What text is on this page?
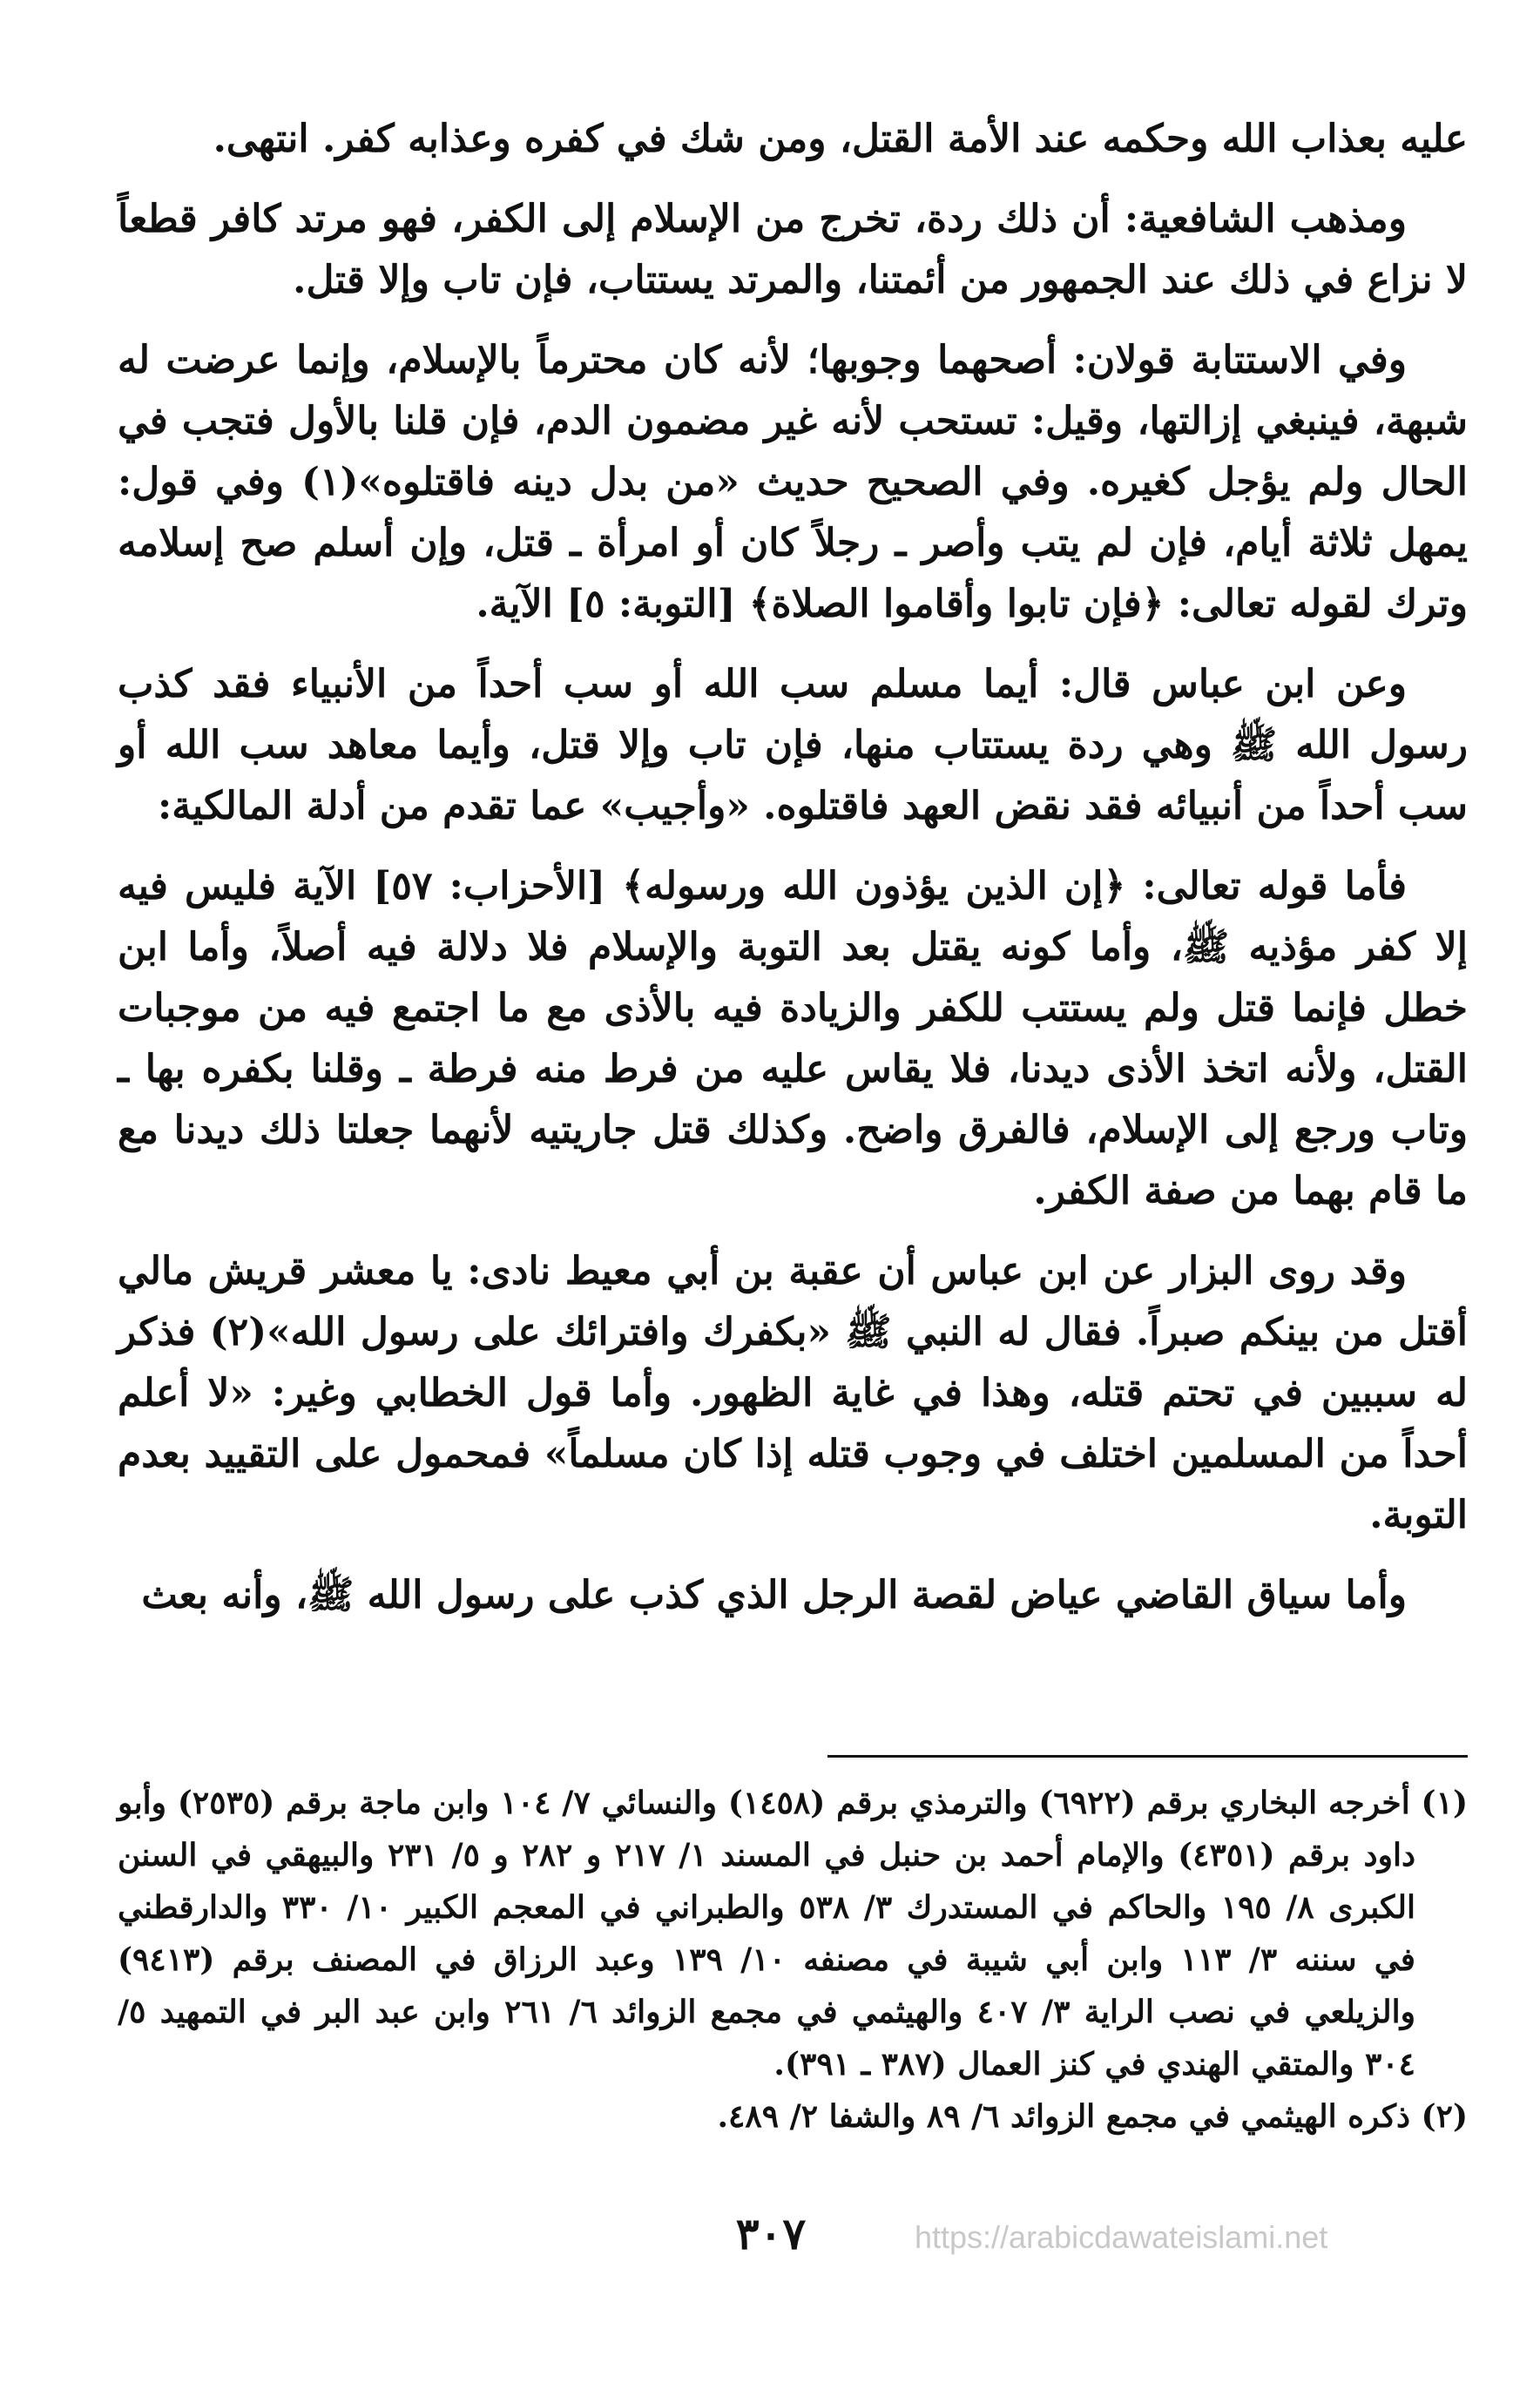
عليه بعذاب الله وحكمه عند الأمة القتل، ومن شك في كفره وعذابه كفر. انتهى.

ومذهب الشافعية: أن ذلك ردة، تخرج من الإسلام إلى الكفر، فهو مرتد كافر قطعاً لا نزاع في ذلك عند الجمهور من أئمتنا، والمرتد يستتاب، فإن تاب وإلا قتل.

وفي الاستتابة قولان: أصحهما وجوبها؛ لأنه كان محترماً بالإسلام، وإنما عرضت له شبهة، فينبغي إزالتها، وقيل: تستحب لأنه غير مضمون الدم، فإن قلنا بالأول فتجب في الحال ولم يؤجل كغيره. وفي الصحيح حديث «من بدل دينه فاقتلوه»(١) وفي قول: يمهل ثلاثة أيام، فإن لم يتب وأصر ـ رجلاً كان أو امرأة ـ قتل، وإن أسلم صح إسلامه وترك لقوله تعالى: ﴿فإن تابوا وأقاموا الصلاة﴾ [التوبة: ٥] الآية.

وعن ابن عباس قال: أيما مسلم سب الله أو سب أحداً من الأنبياء فقد كذب رسول الله ﷺ وهي ردة يستتاب منها، فإن تاب وإلا قتل، وأيما معاهد سب الله أو سب أحداً من أنبيائه فقد نقض العهد فاقتلوه. «وأجيب» عما تقدم من أدلة المالكية:

فأما قوله تعالى: ﴿إن الذين يؤذون الله ورسوله﴾ [الأحزاب: ٥٧] الآية فليس فيه إلا كفر مؤذيه ﷺ، وأما كونه يقتل بعد التوبة والإسلام فلا دلالة فيه أصلاً، وأما ابن خطل فإنما قتل ولم يستتب للكفر والزيادة فيه بالأذى مع ما اجتمع فيه من موجبات القتل، ولأنه اتخذ الأذى ديدنا، فلا يقاس عليه من فرط منه فرطة ـ وقلنا بكفره بها ـ وتاب ورجع إلى الإسلام، فالفرق واضح. وكذلك قتل جاريتيه لأنهما جعلتا ذلك ديدنا مع ما قام بهما من صفة الكفر.

وقد روى البزار عن ابن عباس أن عقبة بن أبي معيط نادى: يا معشر قريش مالي أقتل من بينكم صبراً. فقال له النبي ﷺ «بكفرك وافترائك على رسول الله»(٢) فذكر له سببين في تحتم قتله، وهذا في غاية الظهور. وأما قول الخطابي وغير: «لا أعلم أحداً من المسلمين اختلف في وجوب قتله إذا كان مسلماً» فمحمول على التقييد بعدم التوبة.

وأما سياق القاضي عياض لقصة الرجل الذي كذب على رسول الله ﷺ، وأنه بعث

(١) أخرجه البخاري برقم (٦٩٢٢) والترمذي برقم (١٤٥٨) والنسائي ٧/ ١٠٤ وابن ماجة برقم (٢٥٣٥) وأبو داود برقم (٤٣٥١) والإمام أحمد بن حنبل في المسند ١/ ٢١٧ و ٢٨٢ و ٥/ ٢٣١ والبيهقي في السنن الكبرى ٨/ ١٩٥ والحاكم في المستدرك ٣/ ٥٣٨ والطبراني في المعجم الكبير ١٠/ ٣٣٠ والدارقطني في سننه ٣/ ١١٣ وابن أبي شيبة في مصنفه ١٠/ ١٣٩ وعبد الرزاق في المصنف برقم (٩٤١٣) والزيلعي في نصب الراية ٣/ ٤٠٧ والهيثمي في مجمع الزوائد ٦/ ٢٦١ وابن عبد البر في التمهيد ٥/ ٣٠٤ والمتقي الهندي في كنز العمال (٣٨٧ ـ ٣٩١).

(٢) ذكره الهيثمي في مجمع الزوائد ٦/ ٨٩ والشفا ٢/ ٤٨٩.

٣٠٧	https://arabicdawateislami.net
